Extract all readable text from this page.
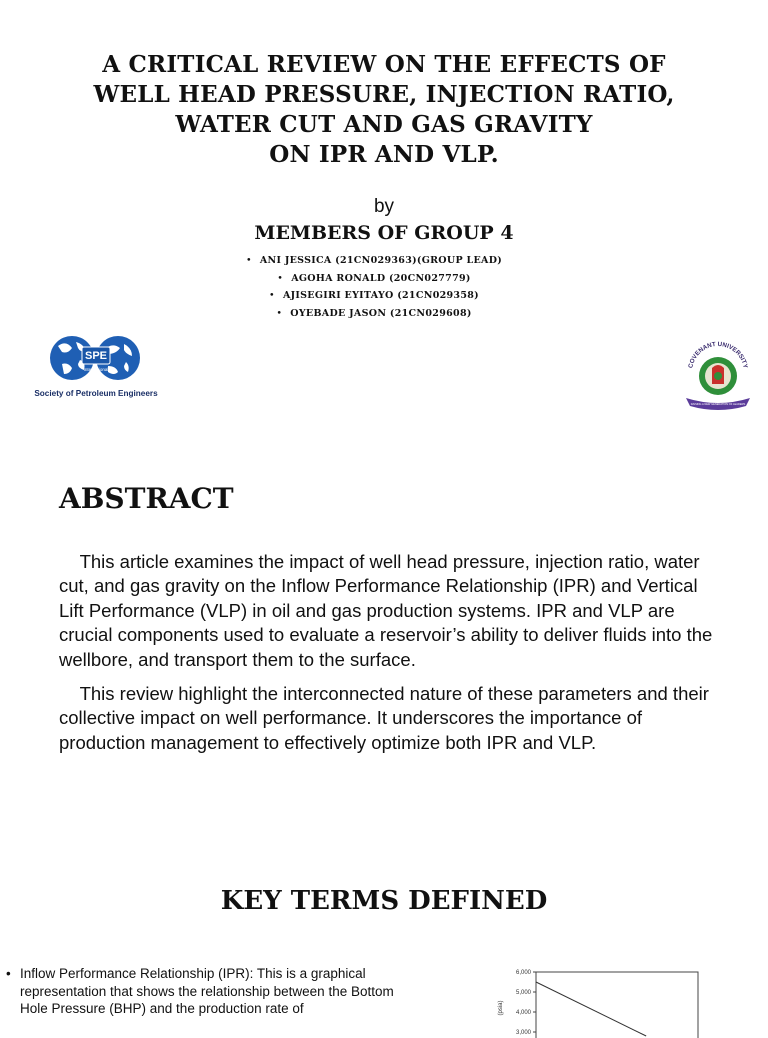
A CRITICAL REVIEW ON THE EFFECTS OF
WELL HEAD PRESSURE, INJECTION RATIO,
WATER CUT AND GAS GRAVITY
ON IPR AND VLP.
by
MEMBERS OF GROUP 4
• ANI JESSICA (21CN029363)(GROUP LEAD)
• AGOHA RONALD (20CN027779)
• AJISEGIRI EYITAYO (21CN029358)
• OYEBADE JASON (21CN029608)
SPE
International
Society of Petroleum Engineers
COVENANT UNIVERSITY
RAISING A NEW GENERATION OF LEADERS
ABSTRACT

This article examines the impact of well head pressure, injection ratio, water cut, and gas gravity on the Inflow Performance Relationship (IPR) and Vertical Lift Performance (VLP) in oil and gas production systems. IPR and VLP are crucial components used to evaluate a reservoir’s ability to deliver fluids into the wellbore, and transport them to the surface.

This review highlight the interconnected nature of these parameters and their collective impact on well performance. It underscores the importance of production management to effectively optimize both IPR and VLP.

KEY TERMS DEFINED
• Inflow Performance Relationship (IPR): This is a graphical representation that shows the relationship between the Bottom Hole Pressure (BHP) and the production rate of
6,000
5,000
4,000
3,000
(psia)
